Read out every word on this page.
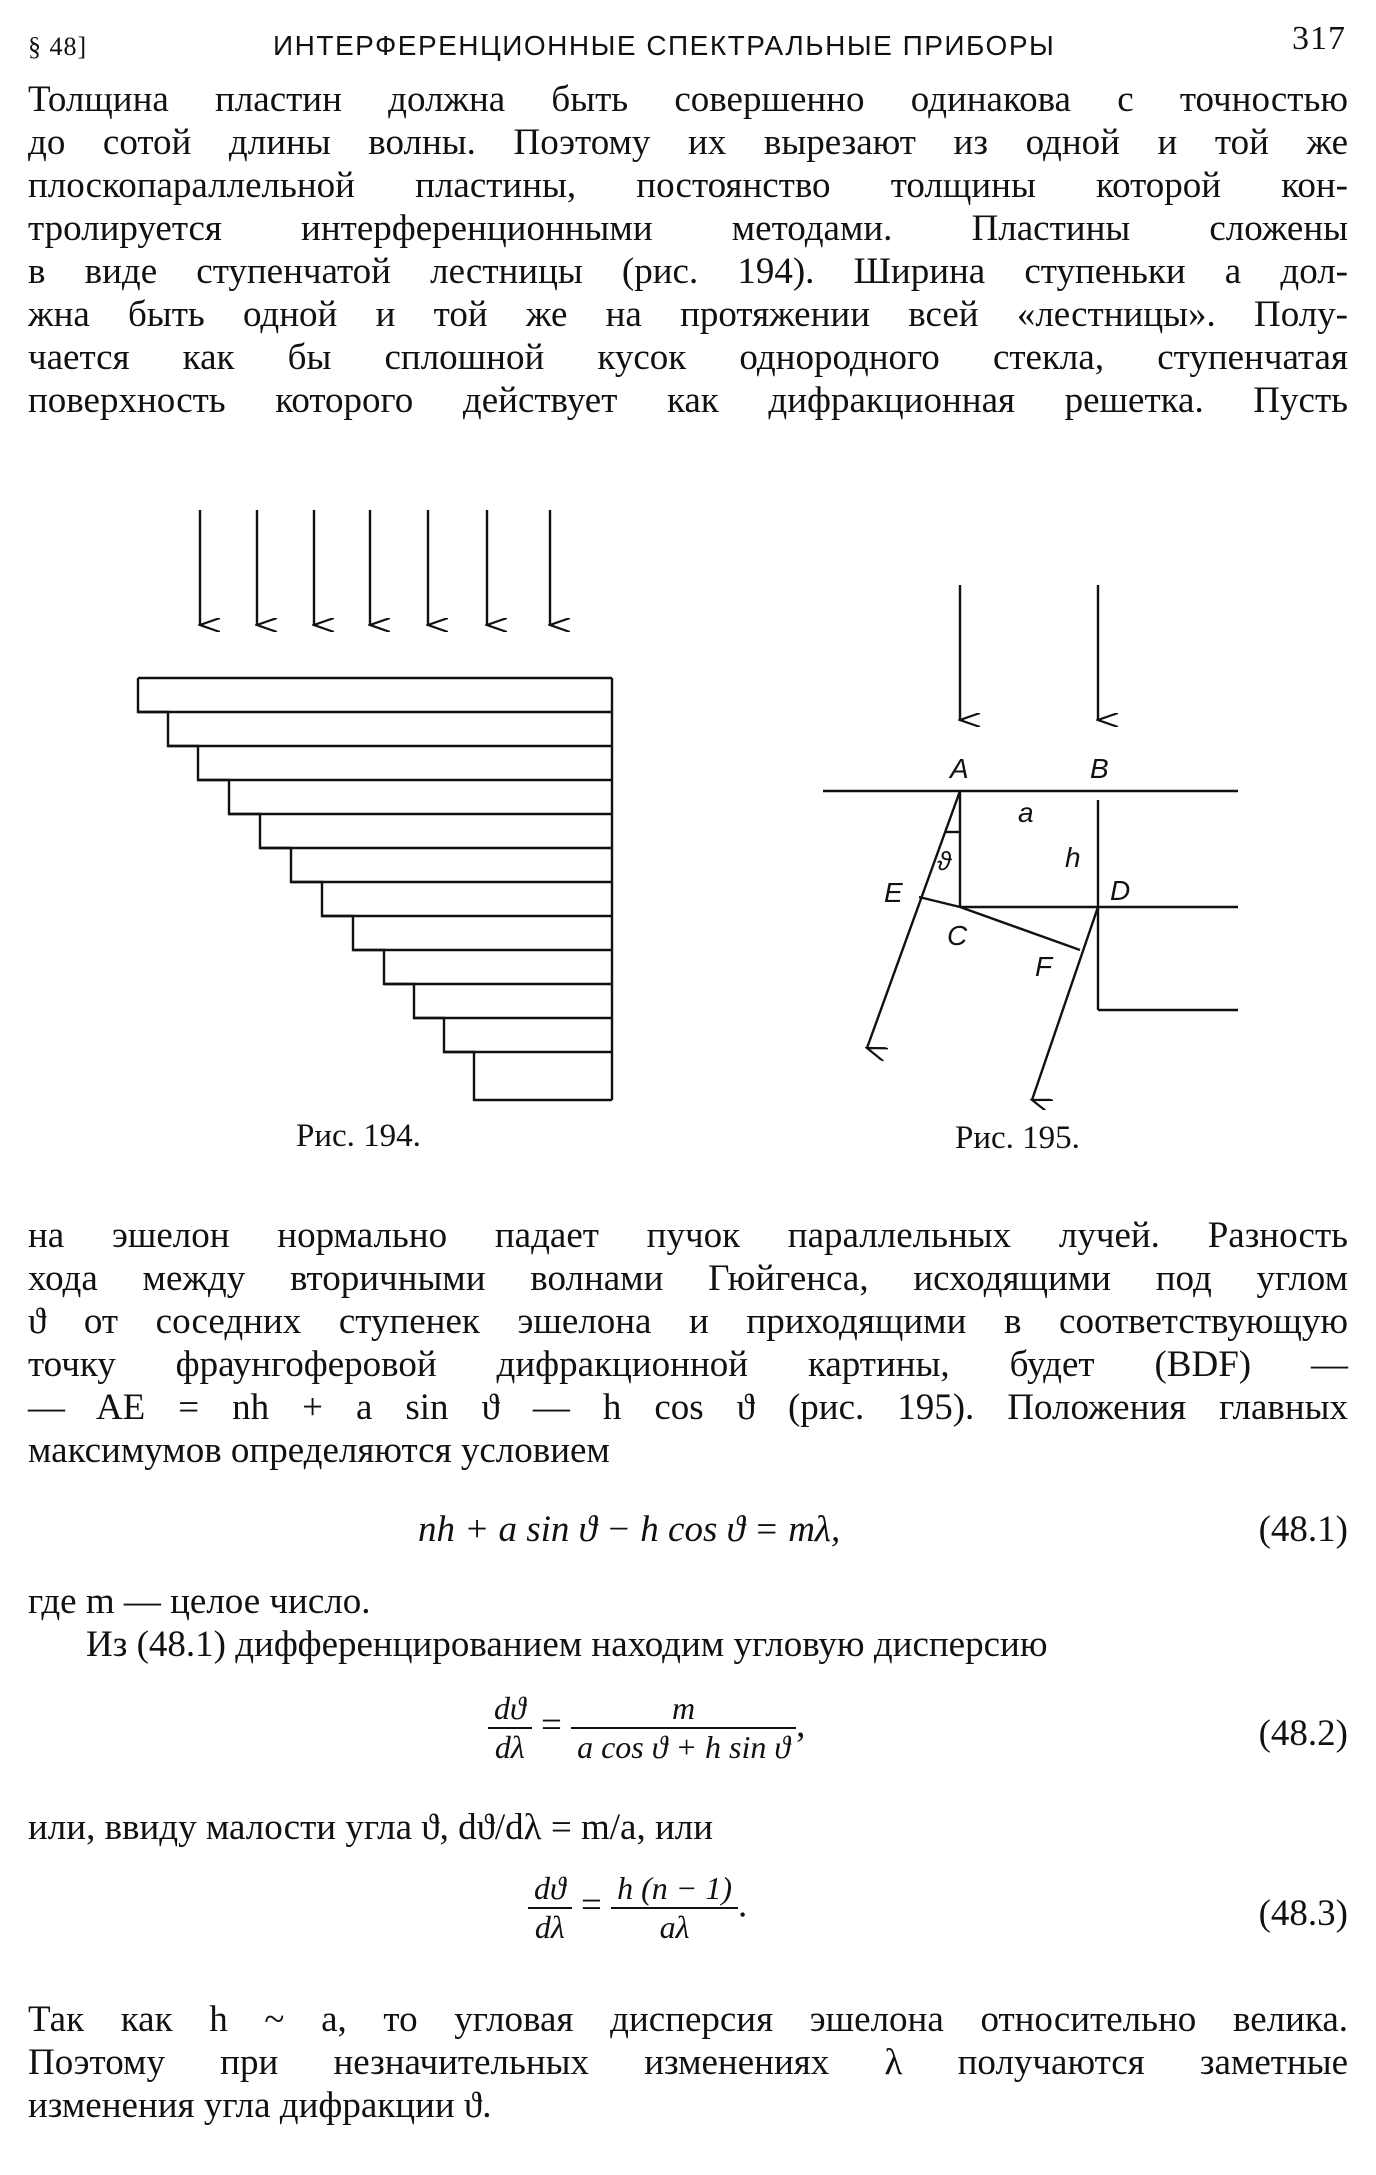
§ 48]	ИНТЕРФЕРЕНЦИОННЫЕ СПЕКТРАЛЬНЫЕ ПРИБОРЫ	317
Толщина пластин должна быть совершенно одинакова с точностью
до сотой длины волны. Поэтому их вырезают из одной и той же
плоскопараллельной пластины, постоянство толщины которой кон-
тролируется интерференционными методами. Пластины сложены
в виде ступенчатой лестницы (рис. 194). Ширина ступеньки a дол-
жна быть одной и той же на протяжении всей «лестницы». Полу-
чается как бы сплошной кусок однородного стекла, ступенчатая
поверхность которого действует как дифракционная решетка. Пусть
Рис. 194.
A	B
a
h
ϑ
D
E
C
F
Рис. 195.
на эшелон нормально падает пучок параллельных лучей. Разность
хода между вторичными волнами Гюйгенса, исходящими под углом
ϑ от соседних ступенек эшелона и приходящими в соответствующую
точку фраунгоферовой дифракционной картины, будет (BDF) —
— AE = nh + a sin ϑ — h cos ϑ (рис. 195). Положения главных
максимумов определяются условием
nh + a sin ϑ − h cos ϑ = mλ,	(48.1)
где m — целое число.
Из (48.1) дифференцированием находим угловую дисперсию
$\frac{dϑ}{d\lambda} = \frac{m}{\text{a cos ϑ + h sin ϑ}}$ ,	(48.2)
или, ввиду малости угла ϑ, dϑ/dλ = m/a, или
$\frac{dϑ}{d\lambda} = \frac{h (n - 1)}{a\lambda}$ .	(48.3)
Так как h ~ a, то угловая дисперсия эшелона относительно велика.
Поэтому при незначительных изменениях λ получаются заметные
изменения угла дифракции ϑ.
